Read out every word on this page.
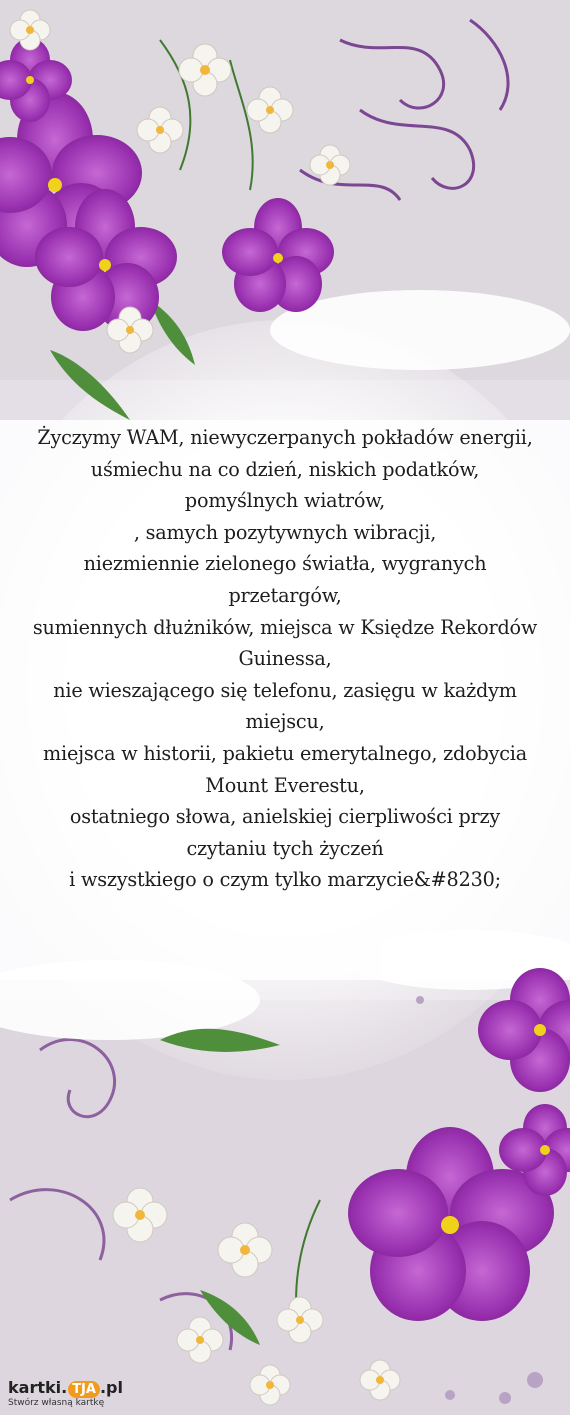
Życzymy WAM, niewyczerpanych pokładów energii,
uśmiechu na co dzień, niskich podatków,
pomyślnych wiatrów,
, samych pozytywnych wibracji,
niezmiennie zielonego światła, wygranych
przetargów,
sumiennych dłużników, miejsca w Księdze Rekordów
Guinessa,
nie wieszającego się telefonu, zasięgu w każdym
miejscu,
miejsca w historii, pakietu emerytalnego, zdobycia
Mount Everestu,
ostatniego słowa, anielskiej cierpliwości przy
czytaniu tych życzeń
i wszystkiego o czym tylko marzycie&#8230;
kartki. TJA .pl
Stwórz własną kartkę
